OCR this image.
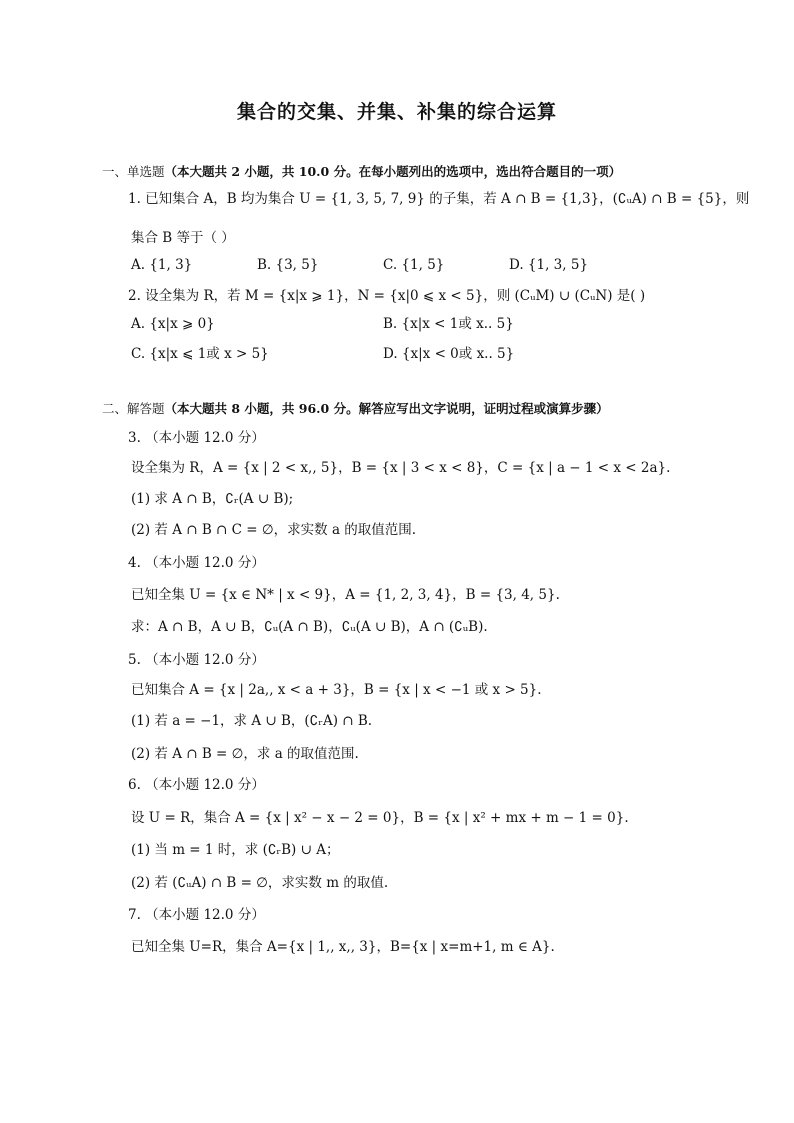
集合的交集、并集、补集的综合运算
一、单选题（本大题共 2 小题，共 10.0 分。在每小题列出的选项中，选出符合题目的一项）
1. 已知集合 A，B 均为集合 U = {1, 3, 5, 7, 9} 的子集，若 A ∩ B = {1,3}，(∁ᵤA) ∩ B = {5}，则
集合 B 等于（ ）
A. {1, 3}	B. {3, 5}	C. {1, 5}	D. {1, 3, 5}
2. 设全集为 R，若 M = {x|x ⩾ 1}，N = {x|0 ⩽ x < 5}，则 (CᵤM) ∪ (CᵤN) 是( )
A. {x|x ⩾ 0}	B. {x|x < 1或 x.. 5}
C. {x|x ⩽ 1或 x > 5}	D. {x|x < 0或 x.. 5}
二、解答题（本大题共 8 小题，共 96.0 分。解答应写出文字说明，证明过程或演算步骤）
3. （本小题 12.0 分）
设全集为 R，A = {x | 2 < x,, 5}，B = {x | 3 < x < 8}，C = {x | a − 1 < x < 2a}.
(1) 求 A ∩ B，∁ᵣ(A ∪ B);
(2) 若 A ∩ B ∩ C = ∅，求实数 a 的取值范围.
4. （本小题 12.0 分）
已知全集 U = {x ∈ N* | x < 9}，A = {1, 2, 3, 4}，B = {3, 4, 5}.
求：A ∩ B，A ∪ B，∁ᵤ(A ∩ B)，∁ᵤ(A ∪ B)，A ∩ (∁ᵤB).
5. （本小题 12.0 分）
已知集合 A = {x | 2a,, x < a + 3}，B = {x | x < −1 或 x > 5}.
(1) 若 a = −1，求 A ∪ B，(∁ᵣA) ∩ B.
(2) 若 A ∩ B = ∅，求 a 的取值范围.
6. （本小题 12.0 分）
设 U = R，集合 A = {x | x² − x − 2 = 0}，B = {x | x² + mx + m − 1 = 0}.
(1) 当 m = 1 时，求 (∁ᵣB) ∪ A；
(2) 若 (∁ᵤA) ∩ B = ∅，求实数 m 的取值.
7. （本小题 12.0 分）
已知全集 U=R，集合 A={x | 1,, x,, 3}，B={x | x=m+1, m ∈ A}.
